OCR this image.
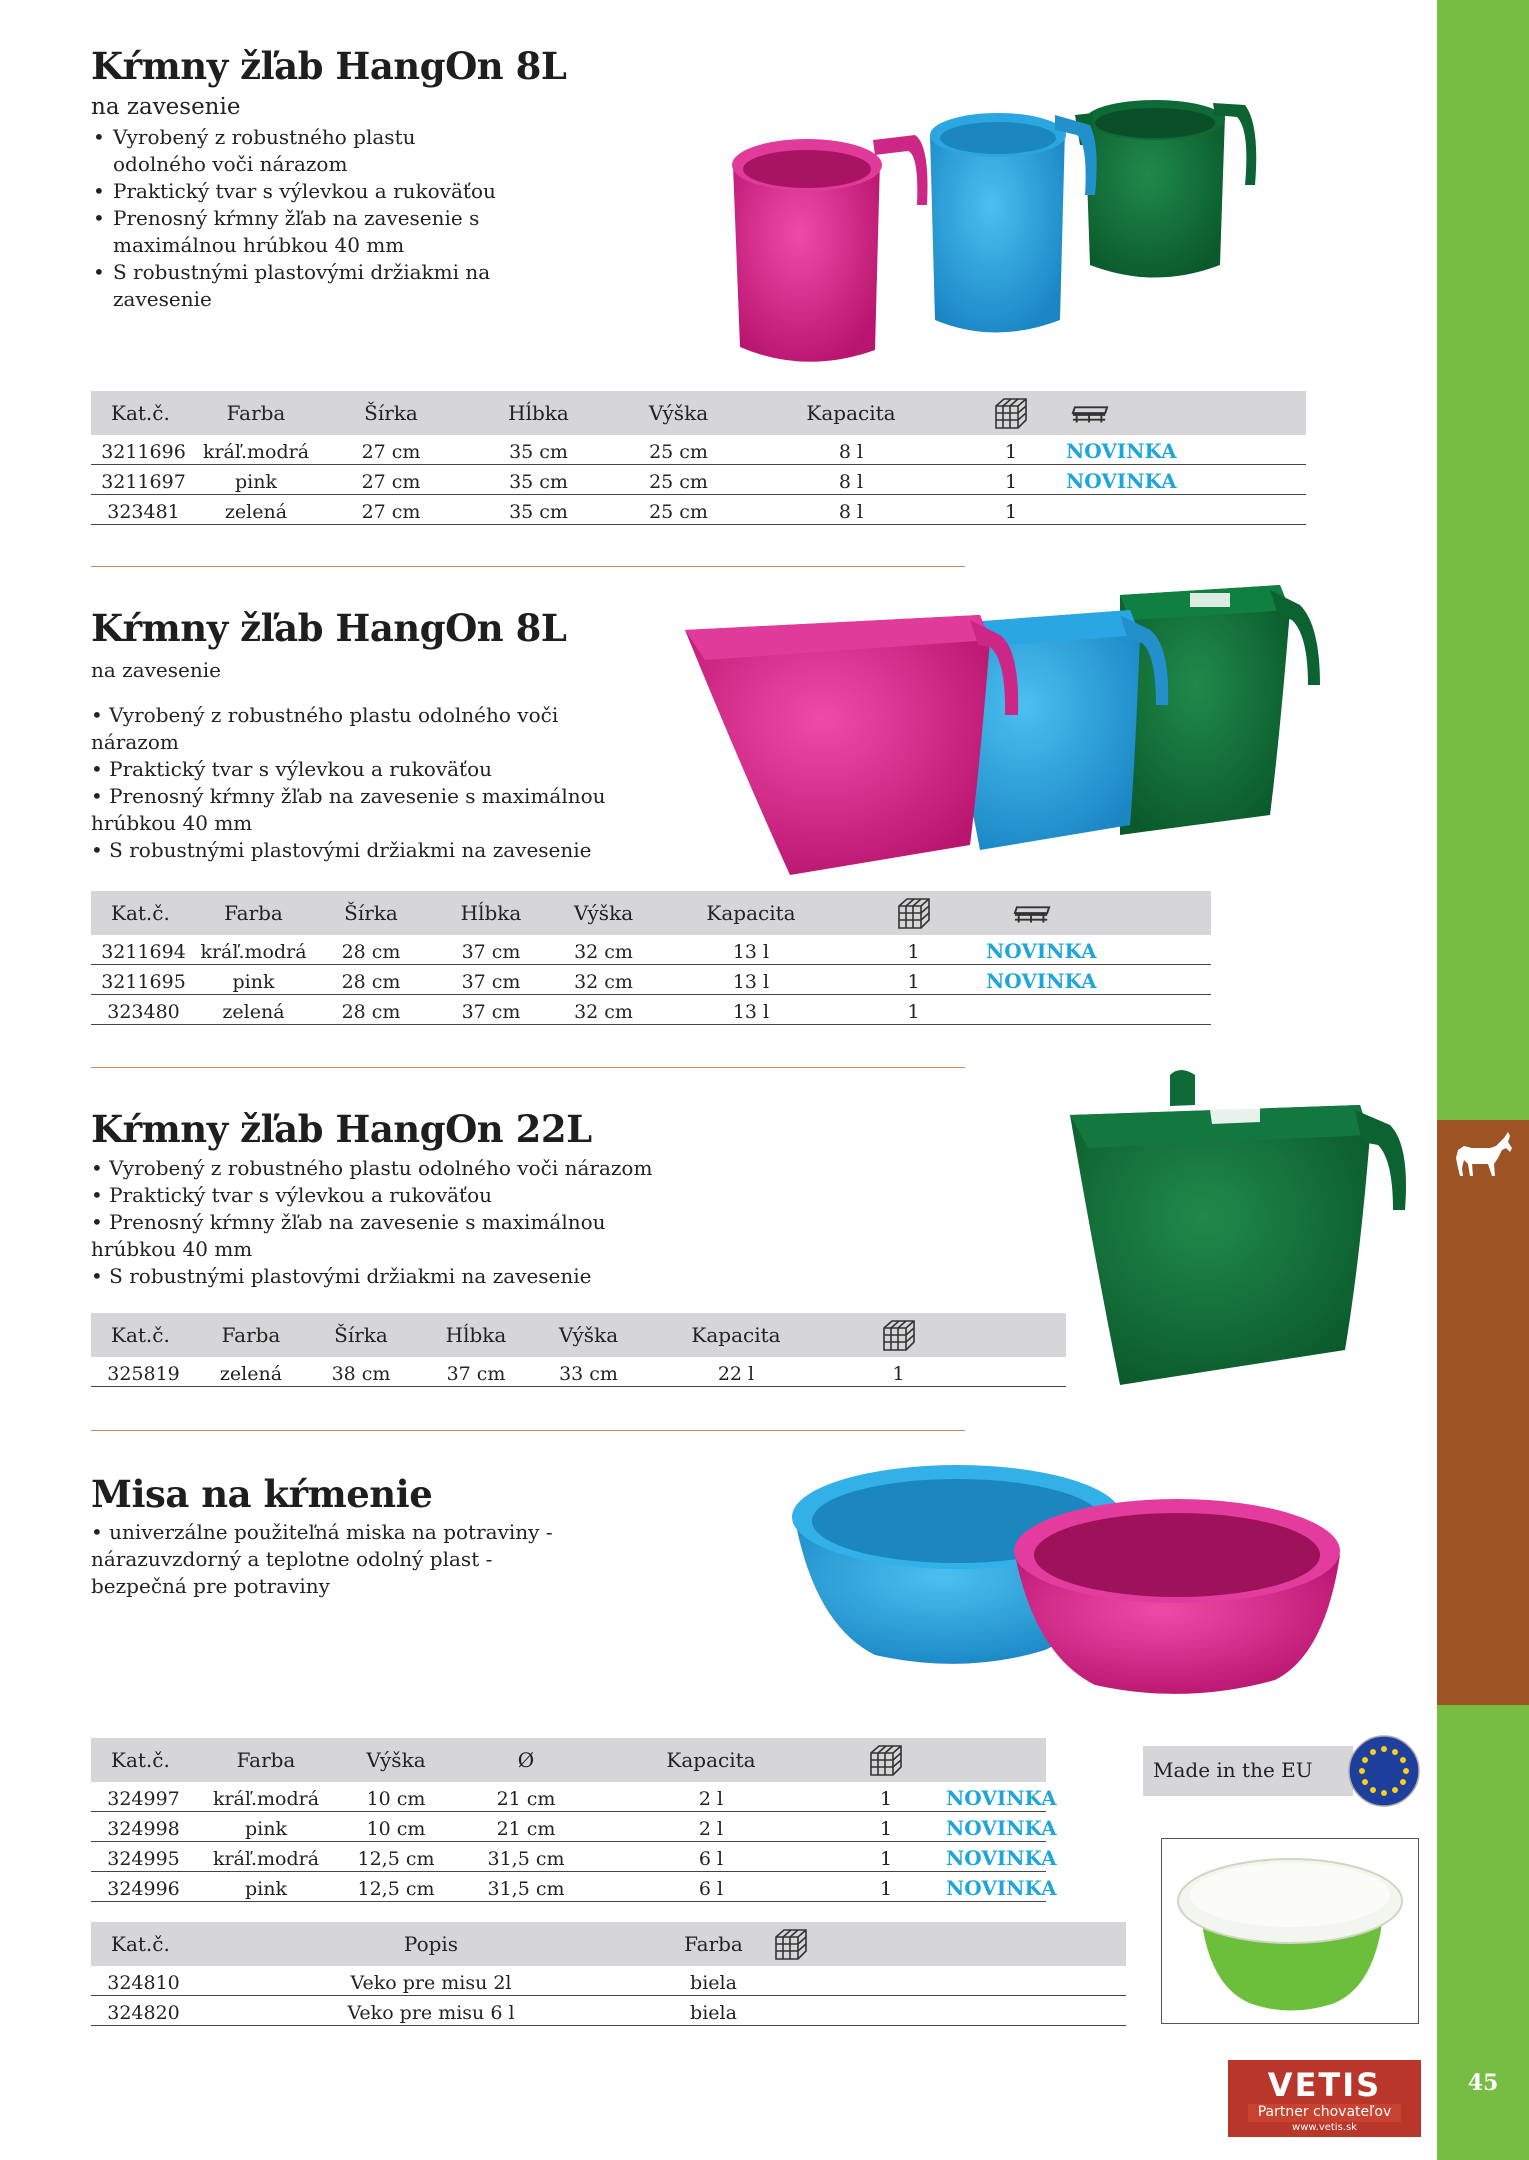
45
Kŕmny žľab HangOn 8L
na zavesenie
• Vyrobený z robustného plastu odolného voči nárazom
• Praktický tvar s výlevkou a rukoväťou
• Prenosný kŕmny žľab na zavesenie s maximálnou hrúbkou 40 mm
• S robustnými plastovými držiakmi na zavesenie
Kat.č.	Farba	Šírka	Hĺbka	Výška	Kapacita		
3211696	kráľ.modrá	27 cm	35 cm	25 cm	8 l	1	NOVINKA
3211697	pink	27 cm	35 cm	25 cm	8 l	1	NOVINKA
323481	zelená	27 cm	35 cm	25 cm	8 l	1	
Kŕmny žľab HangOn 8L
na zavesenie
• Vyrobený z robustného plastu odolného voči
nárazom
• Praktický tvar s výlevkou a rukoväťou
• Prenosný kŕmny žľab na zavesenie s maximálnou
hrúbkou 40 mm
• S robustnými plastovými držiakmi na zavesenie
Kat.č.	Farba	Šírka	Hĺbka	Výška	Kapacita		
3211694	kráľ.modrá	28 cm	37 cm	32 cm	13 l	1	NOVINKA
3211695	pink	28 cm	37 cm	32 cm	13 l	1	NOVINKA
323480	zelená	28 cm	37 cm	32 cm	13 l	1	
Kŕmny žľab HangOn 22L
• Vyrobený z robustného plastu odolného voči nárazom
• Praktický tvar s výlevkou a rukoväťou
• Prenosný kŕmny žľab na zavesenie s maximálnou
hrúbkou 40 mm
• S robustnými plastovými držiakmi na zavesenie
Kat.č.	Farba	Šírka	Hĺbka	Výška	Kapacita		
325819	zelená	38 cm	37 cm	33 cm	22 l	1	
Misa na kŕmenie
• univerzálne použiteľná miska na potraviny -
nárazuvzdorný a teplotne odolný plast -
bezpečná pre potraviny
Kat.č.	Farba	Výška	Ø	Kapacita		
324997	kráľ.modrá	10 cm	21 cm	2 l	1	NOVINKA
324998	pink	10 cm	21 cm	2 l	1	NOVINKA
324995	kráľ.modrá	12,5 cm	31,5 cm	6 l	1	NOVINKA
324996	pink	12,5 cm	31,5 cm	6 l	1	NOVINKA
Kat.č.	Popis	Farba		
324810	Veko pre misu 2l	biela		
324820	Veko pre misu 6 l	biela		
Made in the EU
VETIS
Partner chovateľov
www.vetis.sk
